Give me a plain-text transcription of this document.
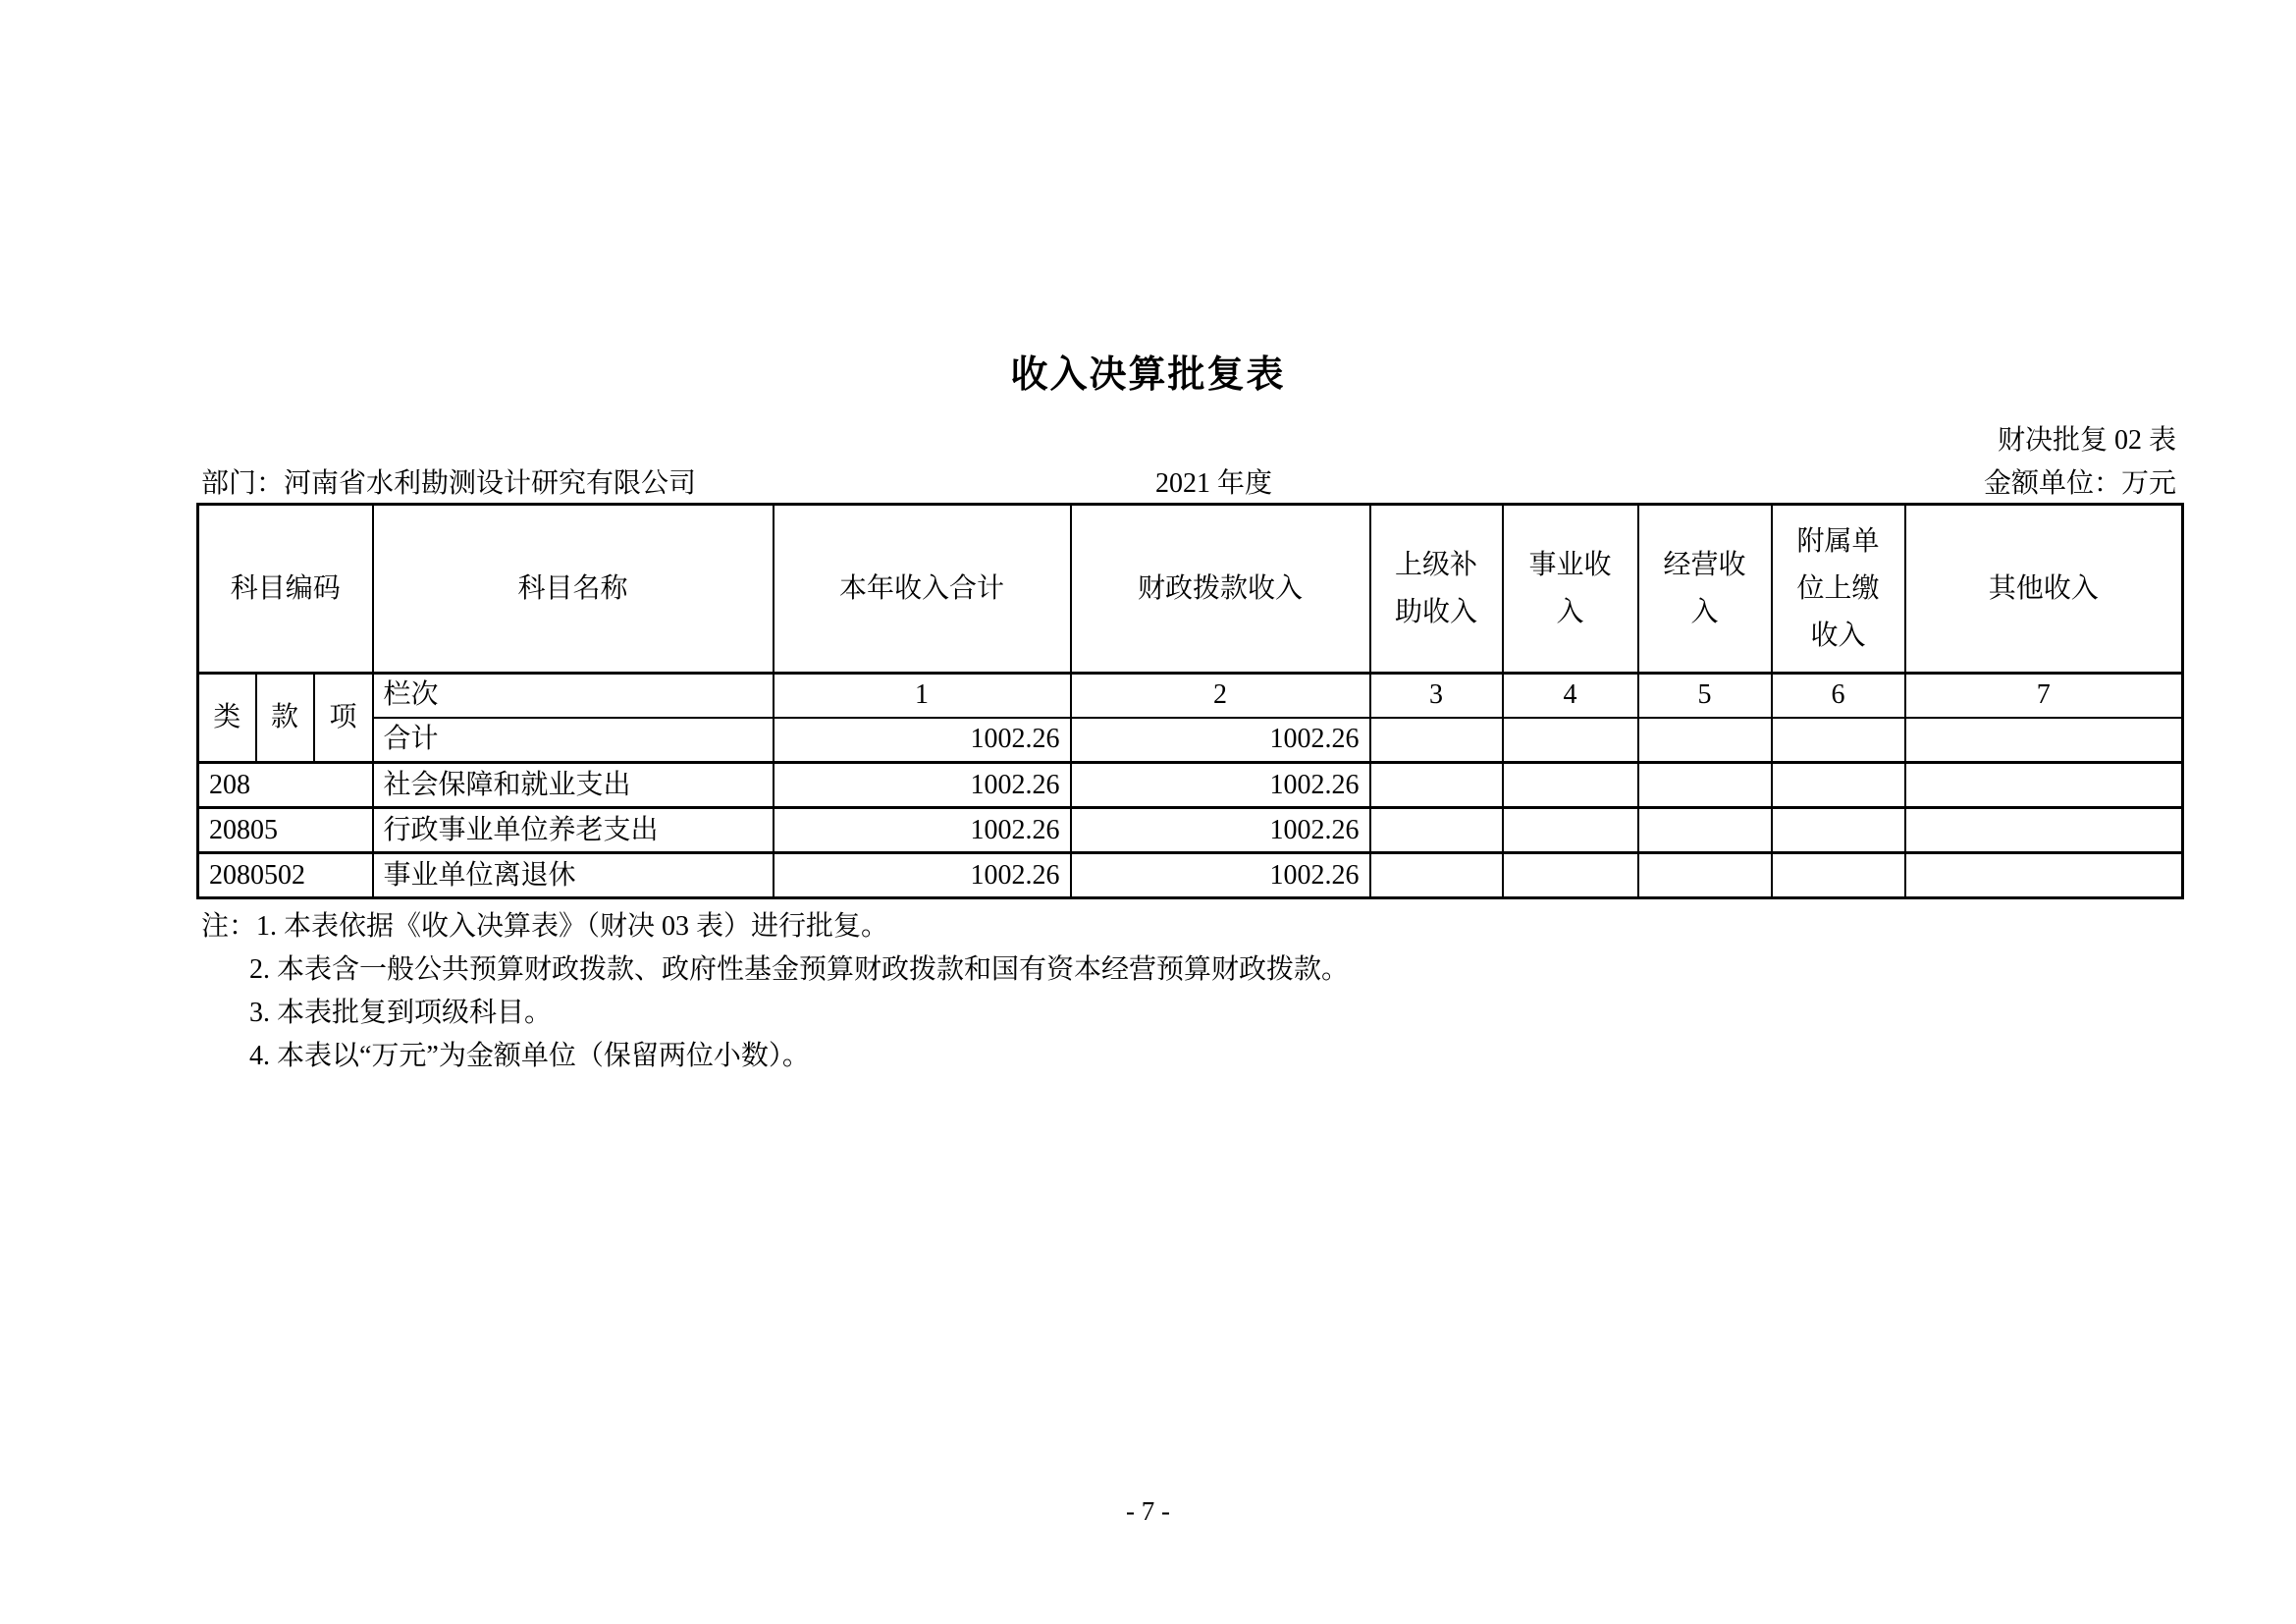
收入决算批复表
财决批复 02 表
部门：河南省水利勘测设计研究有限公司	2021 年度	金额单位：万元
科目编码			科目名称	本年收入合计	财政拨款收入	上级补助收入	事业收入	经营收入	附属单位上缴收入	其他收入
类	款	项	栏次	1	2	3	4	5	6	7
			合计	1002.26	1002.26					
208			社会保障和就业支出	1002.26	1002.26					
20805			行政事业单位养老支出	1002.26	1002.26					
2080502			事业单位离退休	1002.26	1002.26					
注：1. 本表依据《收入决算表》（财决 03 表）进行批复。
2. 本表含一般公共预算财政拨款、政府性基金预算财政拨款和国有资本经营预算财政拨款。
3. 本表批复到项级科目。
4. 本表以“万元”为金额单位（保留两位小数）。
- 7 -
